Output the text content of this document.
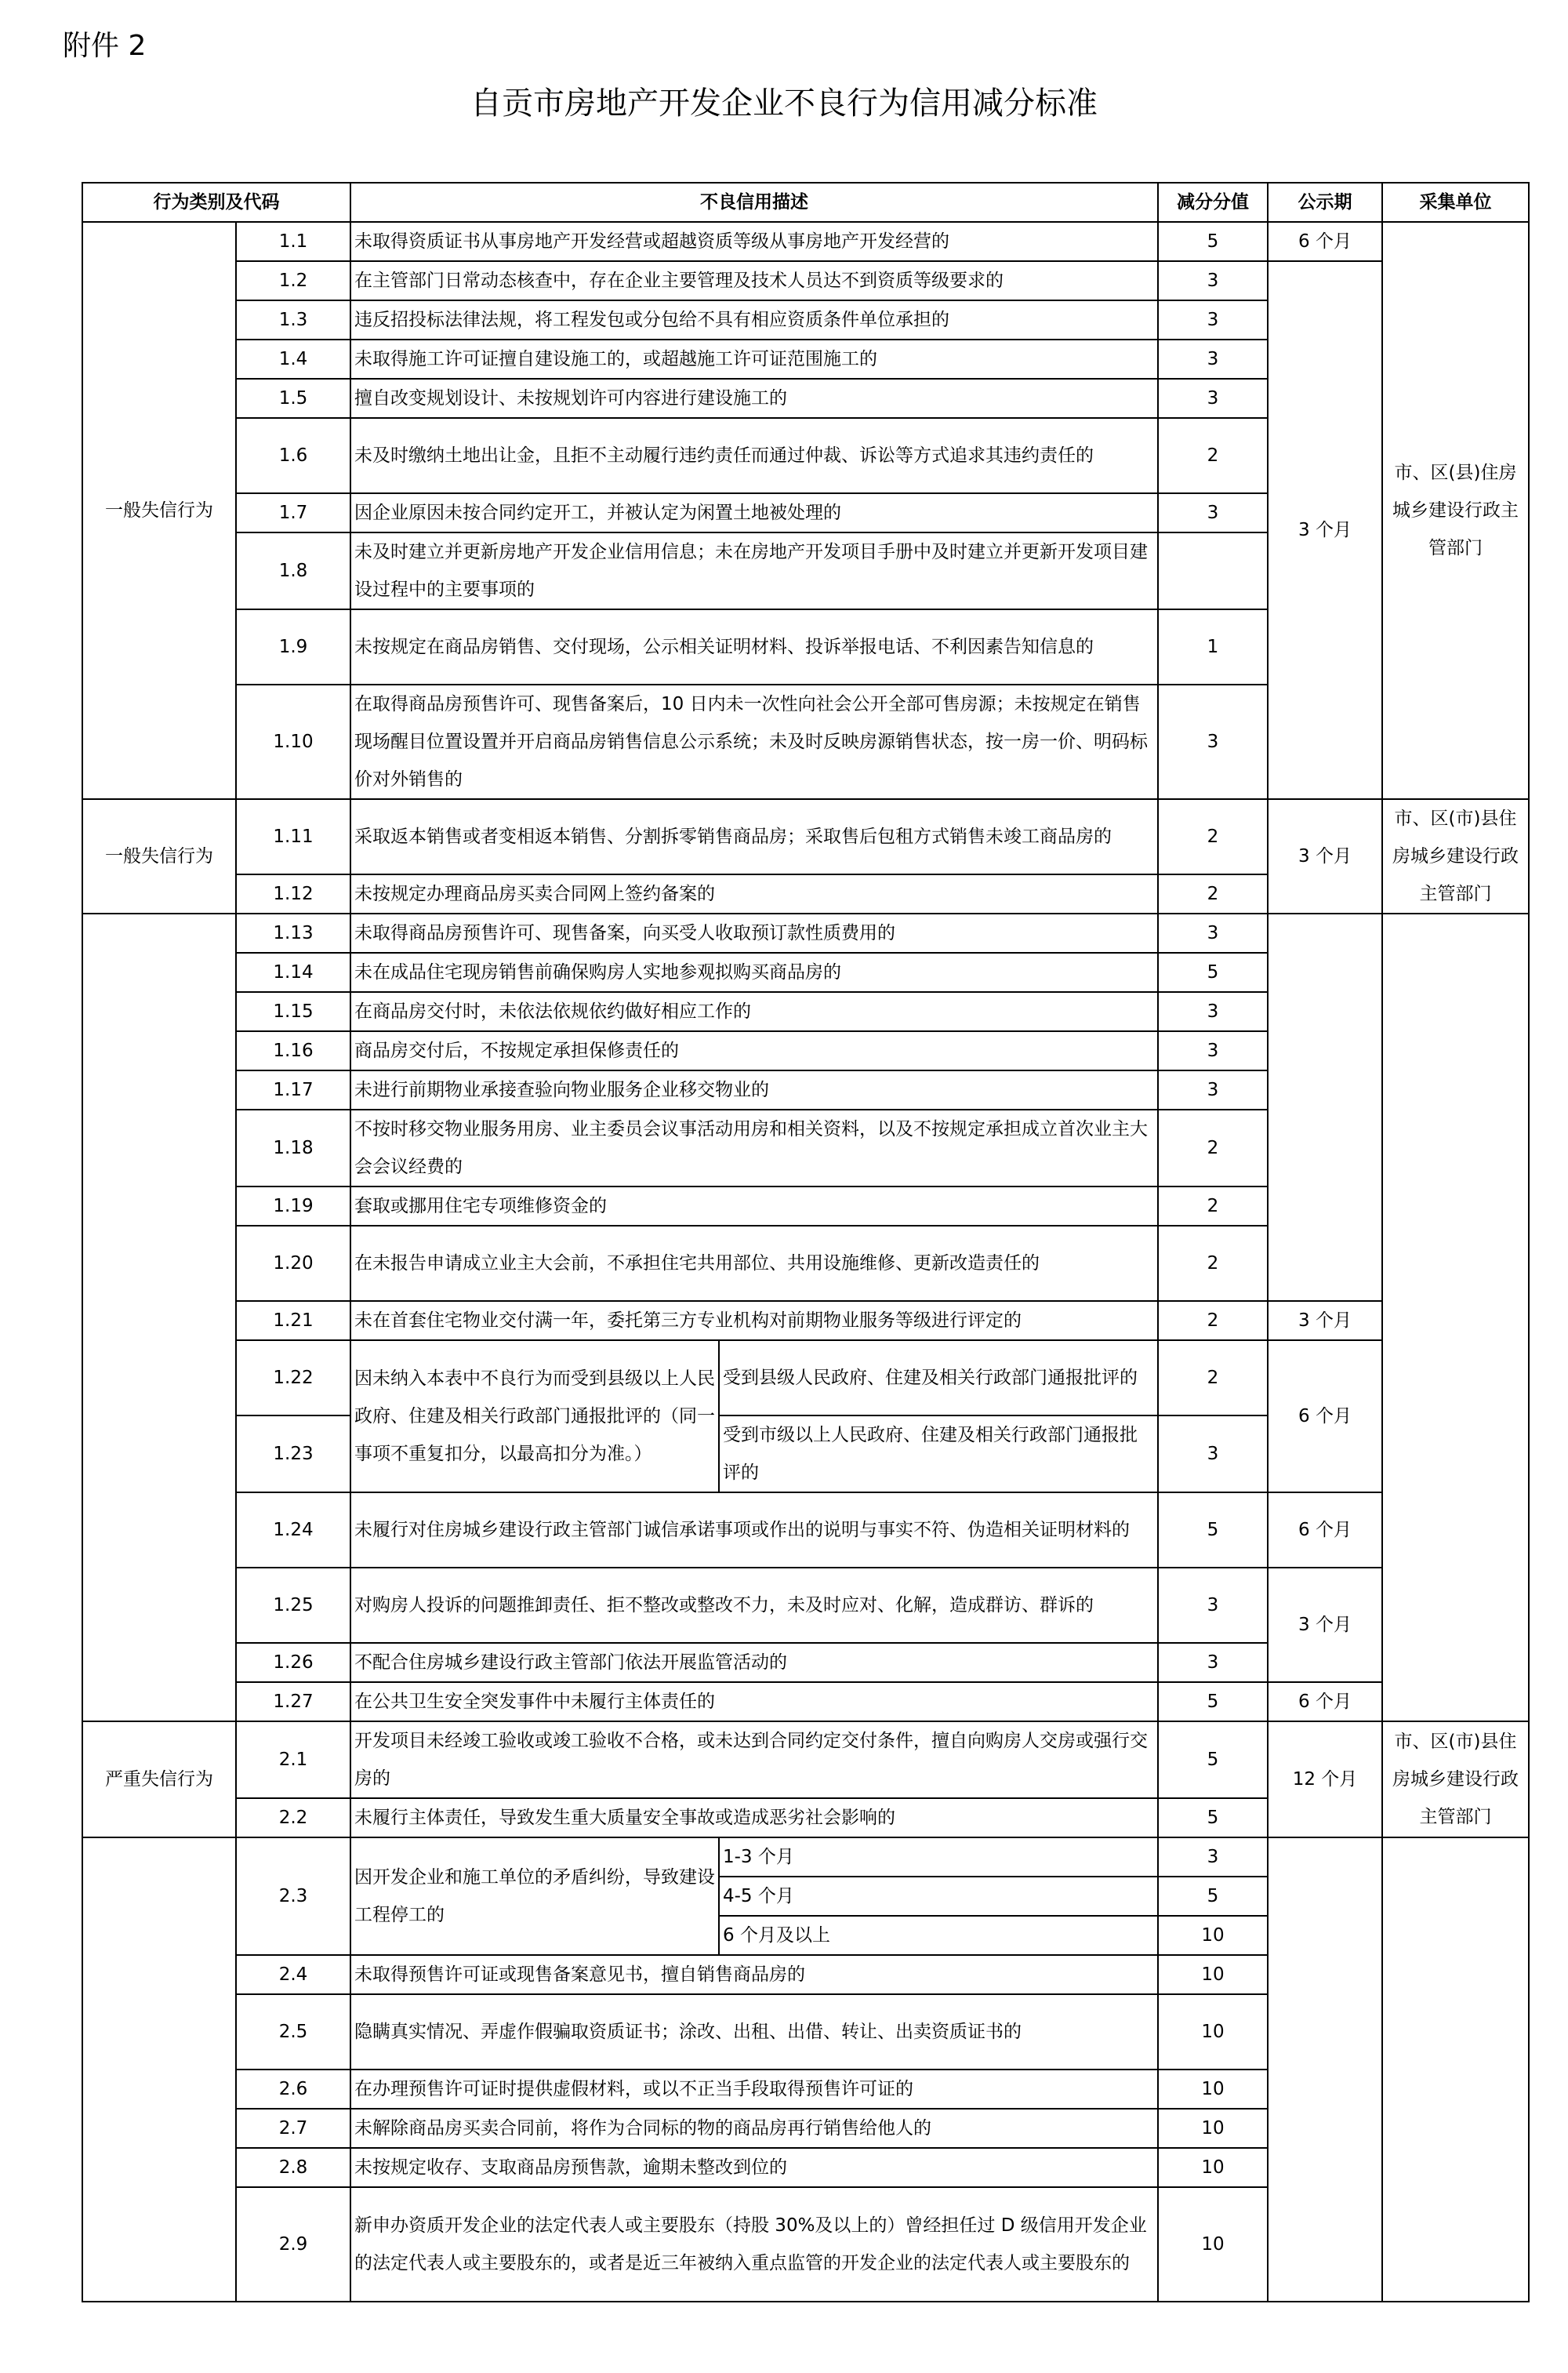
附件 2
自贡市房地产开发企业不良行为信用减分标准
行为类别及代码		不良信用描述		减分分值	公示期	采集单位
一般失信行为	1.1	未取得资质证书从事房地产开发经营或超越资质等级从事房地产开发经营的		5	6 个月	市、区(县)住房城乡建设行政主管部门
	1.2	在主管部门日常动态核查中，存在企业主要管理及技术人员达不到资质等级要求的		3	3 个月	
	1.3	违反招投标法律法规，将工程发包或分包给不具有相应资质条件单位承担的		3		
	1.4	未取得施工许可证擅自建设施工的，或超越施工许可证范围施工的		3		
	1.5	擅自改变规划设计、未按规划许可内容进行建设施工的		3		
	1.6	未及时缴纳土地出让金，且拒不主动履行违约责任而通过仲裁、诉讼等方式追求其违约责任的		2		
	1.7	因企业原因未按合同约定开工，并被认定为闲置土地被处理的		3		
	1.8	未及时建立并更新房地产开发企业信用信息；未在房地产开发项目手册中及时建立并更新开发项目建设过程中的主要事项的				
	1.9	未按规定在商品房销售、交付现场，公示相关证明材料、投诉举报电话、不利因素告知信息的		1		
	1.10	在取得商品房预售许可、现售备案后，10 日内未一次性向社会公开全部可售房源；未按规定在销售现场醒目位置设置并开启商品房销售信息公示系统；未及时反映房源销售状态，按一房一价、明码标价对外销售的		3		
一般失信行为	1.11	采取返本销售或者变相返本销售、分割拆零销售商品房；采取售后包租方式销售未竣工商品房的		2	3 个月	市、区(市)县住房城乡建设行政主管部门
	1.12	未按规定办理商品房买卖合同网上签约备案的		2		
	1.13	未取得商品房预售许可、现售备案，向买受人收取预订款性质费用的		3		
	1.14	未在成品住宅现房销售前确保购房人实地参观拟购买商品房的		5		
	1.15	在商品房交付时，未依法依规依约做好相应工作的		3		
	1.16	商品房交付后，不按规定承担保修责任的		3		
	1.17	未进行前期物业承接查验向物业服务企业移交物业的		3		
	1.18	不按时移交物业服务用房、业主委员会议事活动用房和相关资料，以及不按规定承担成立首次业主大会会议经费的		2		
	1.19	套取或挪用住宅专项维修资金的		2		
	1.20	在未报告申请成立业主大会前，不承担住宅共用部位、共用设施维修、更新改造责任的		2		
	1.21	未在首套住宅物业交付满一年，委托第三方专业机构对前期物业服务等级进行评定的		2	3 个月	
	1.22	因未纳入本表中不良行为而受到县级以上人民政府、住建及相关行政部门通报批评的（同一事项不重复扣分，以最高扣分为准。）	受到县级人民政府、住建及相关行政部门通报批评的	2	6 个月	
	1.23		受到市级以上人民政府、住建及相关行政部门通报批评的	3		
	1.24	未履行对住房城乡建设行政主管部门诚信承诺事项或作出的说明与事实不符、伪造相关证明材料的		5	6 个月	
	1.25	对购房人投诉的问题推卸责任、拒不整改或整改不力，未及时应对、化解，造成群访、群诉的		3	3 个月	
	1.26	不配合住房城乡建设行政主管部门依法开展监管活动的		3		
	1.27	在公共卫生安全突发事件中未履行主体责任的		5	6 个月	
严重失信行为	2.1	开发项目未经竣工验收或竣工验收不合格，或未达到合同约定交付条件，擅自向购房人交房或强行交房的		5	12 个月	市、区(市)县住房城乡建设行政主管部门
	2.2	未履行主体责任，导致发生重大质量安全事故或造成恶劣社会影响的		5		
	2.3	因开发企业和施工单位的矛盾纠纷，导致建设工程停工的	1-3 个月	3		
			4-5 个月	5		
			6 个月及以上	10		
	2.4	未取得预售许可证或现售备案意见书，擅自销售商品房的		10		
	2.5	隐瞒真实情况、弄虚作假骗取资质证书；涂改、出租、出借、转让、出卖资质证书的		10		
	2.6	在办理预售许可证时提供虚假材料，或以不正当手段取得预售许可证的		10		
	2.7	未解除商品房买卖合同前，将作为合同标的物的商品房再行销售给他人的		10		
	2.8	未按规定收存、支取商品房预售款，逾期未整改到位的		10		
	2.9	新申办资质开发企业的法定代表人或主要股东（持股 30%及以上的）曾经担任过 D 级信用开发企业的法定代表人或主要股东的，或者是近三年被纳入重点监管的开发企业的法定代表人或主要股东的		10		
